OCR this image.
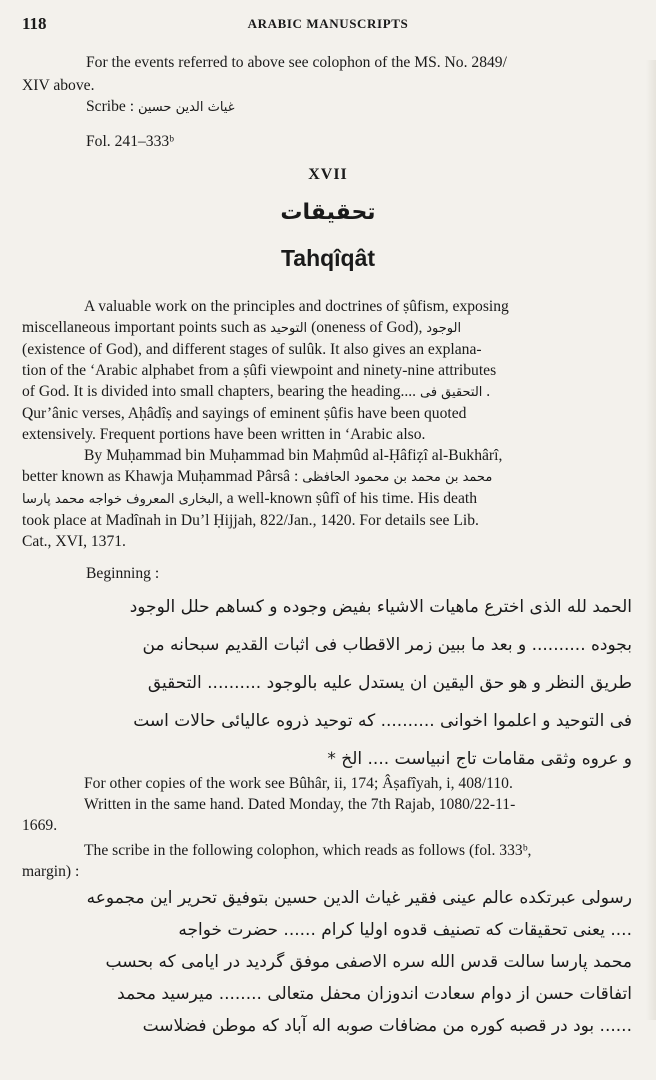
118	ARABIC MANUSCRIPTS
For the events referred to above see colophon of the MS. No. 2849/
XIV above.
Scribe : غياث الدين حسين
Fol. 241–333ᵇ
XVII
تحقيقات
Tahqîqât

A valuable work on the principles and doctrines of ṣûfism, exposing

miscellaneous important points such as التوحيد (oneness of God), الوجود

(existence of God), and different stages of sulûk. It also gives an explana-

tion of the ‘Arabic alphabet from a ṣûfi viewpoint and ninety-nine attributes

of God. It is divided into small chapters, bearing the heading.... التحقيق فى .

Qur’ânic verses, Aḥâdîṣ and sayings of eminent ṣûfis have been quoted

extensively. Frequent portions have been written in ‘Arabic also.

By Muḥammad bin Muḥammad bin Maḥmûd al-Ḥâfiẓî al-Bukhârî,

better known as Khawja Muḥammad Pârsâ : محمد بن محمد بن محمود الحافظى

البخارى المعروف خواجه محمد پارسا, a well-known ṣûfî of his time. His death

took place at Madînah in Du’l Ḥijjah, 822/Jan., 1420. For details see Lib.

Cat., XVI, 1371.

Beginning :
الحمد لله الذى اخترع ماهيات الاشياء بفيض وجوده و كساهم حلل الوجود
بجوده .......... و بعد ما ببين زمر الاقطاب فى اثبات القديم سبحانه من
طريق النظر و هو حق اليقين ان يستدل عليه بالوجود .......... التحقيق
فى التوحيد و اعلموا اخوانى .......... كه توحيد ذروه عاليائى حالات است
و عروه وثقى مقامات تاج انبياست .... الخ *

For other copies of the work see Bûhâr, ii, 174; Âṣafîyah, i, 408/110.

Written in the same hand. Dated Monday, the 7th Rajab, 1080/22-11-

1669.

The scribe in the following colophon, which reads as follows (fol. 333ᵇ,

margin) :

رسولى عبرتكده عالم عينى فقير غياث الدين حسين بتوفيق تحرير اين مجموعه
.... يعنى تحقيقات كه تصنيف قدوه اوليا كرام ...... حضرت خواجه
محمد پارسا سالت قدس الله سره الاصفى موفق گرديد در ايامى كه بحسب
اتفاقات حسن از دوام سعادت اندوزان محفل متعالى ........ ميرسيد محمد
...... بود در قصبه كوره من مضافات صوبه اله آباد كه موطن فضلاست
